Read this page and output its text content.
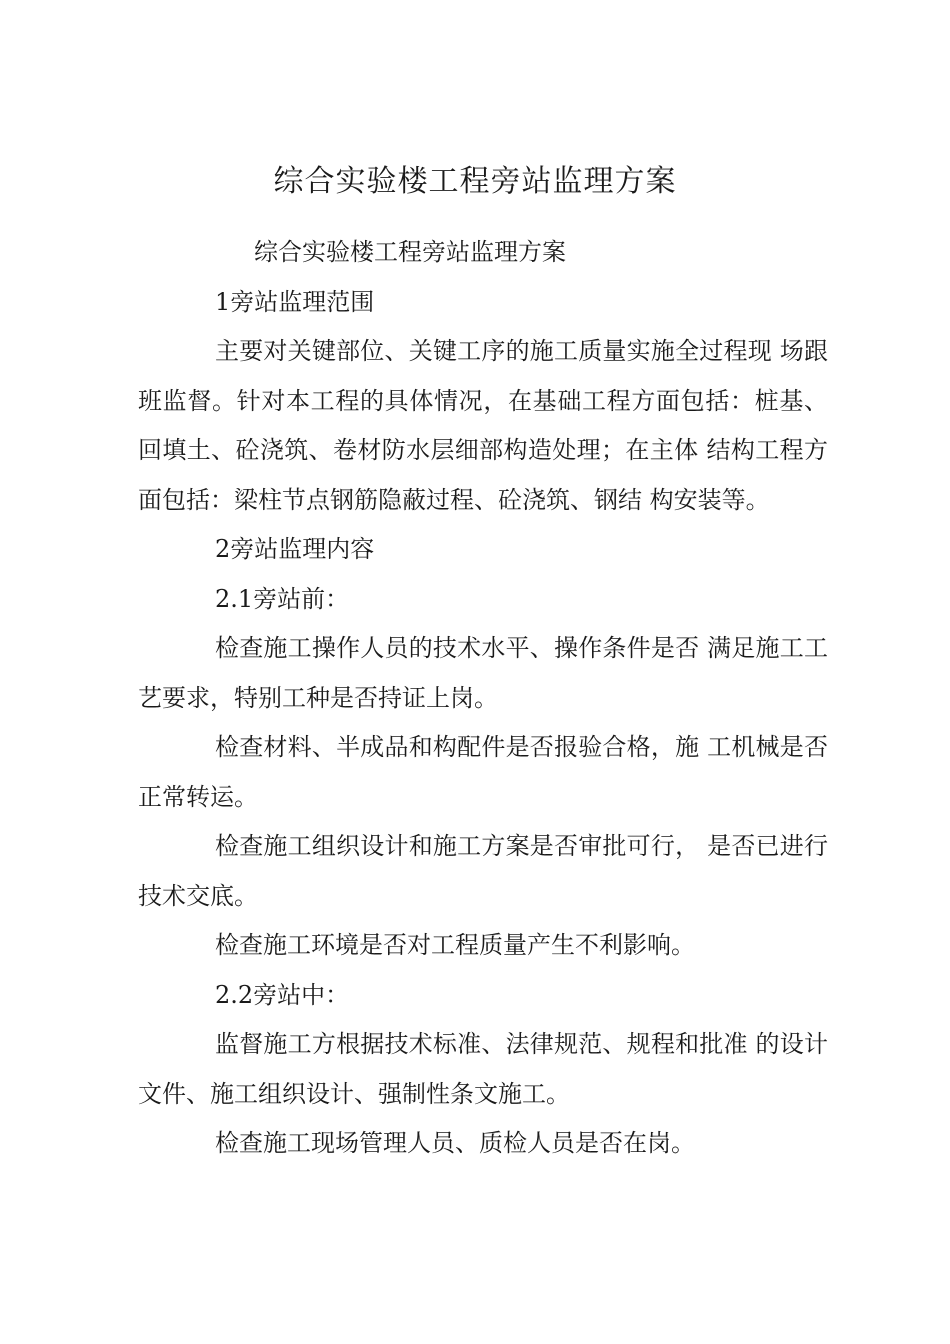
综合实验楼工程旁站监理方案

综合实验楼工程旁站监理方案

1旁站监理范围

主要对关键部位、关键工序的施工质量实施全过程现 场跟班监督。针对本工程的具体情况，在基础工程方面包括：桩基、回填土、砼浇筑、卷材防水层细部构造处理；在主体 结构工程方面包括：梁柱节点钢筋隐蔽过程、砼浇筑、钢结 构安装等。

2旁站监理内容

2.1旁站前：

检查施工操作人员的技术水平、操作条件是否 满足施工工艺要求，特别工种是否持证上岗。

检查材料、半成品和构配件是否报验合格，施 工机械是否正常转运。

检查施工组织设计和施工方案是否审批可行， 是否已进行技术交底。

检查施工环境是否对工程质量产生不利影响。

2.2旁站中：

监督施工方根据技术标准、法律规范、规程和批准 的设计文件、施工组织设计、强制性条文施工。

检查施工现场管理人员、质检人员是否在岗。
